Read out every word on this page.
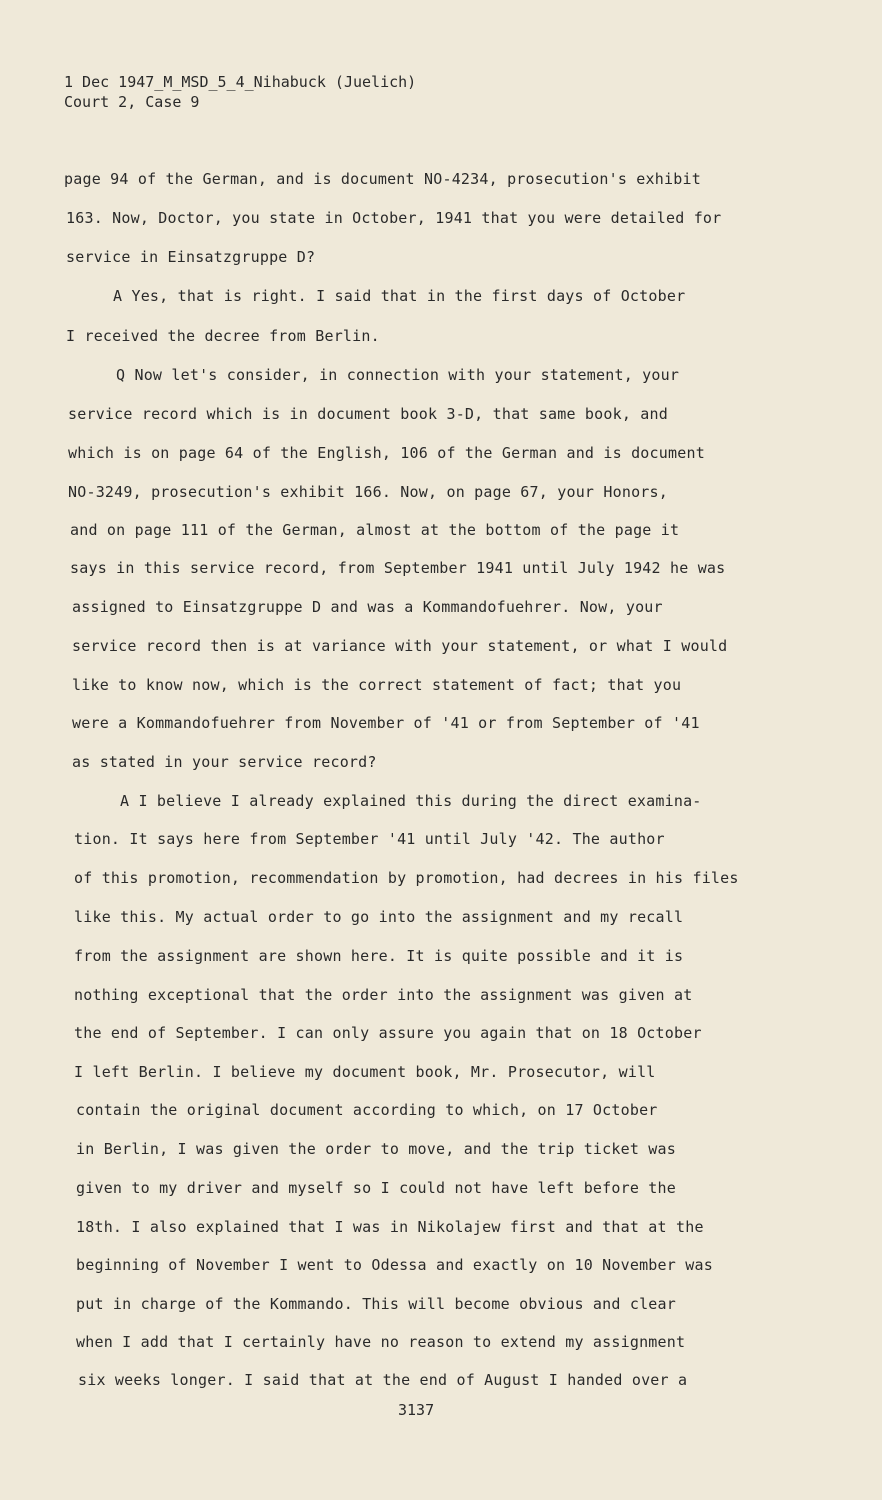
1 Dec 1947_M_MSD_5_4_Nihabuck (Juelich)
Court 2, Case 9
page 94 of the German, and is document NO-4234, prosecution's exhibit
163. Now, Doctor, you state in October, 1941 that you were detailed for
service in Einsatzgruppe D?
A Yes, that is right. I said that in the first days of October
I received the decree from Berlin.
Q Now let's consider, in connection with your statement, your
service record which is in document book 3-D, that same book, and
which is on page 64 of the English, 106 of the German and is document
NO-3249, prosecution's exhibit 166. Now, on page 67, your Honors,
and on page 111 of the German, almost at the bottom of the page it
says in this service record, from September 1941 until July 1942 he was
assigned to Einsatzgruppe D and was a Kommandofuehrer. Now, your
service record then is at variance with your statement, or what I would
like to know now, which is the correct statement of fact; that you
were a Kommandofuehrer from November of '41 or from September of '41
as stated in your service record?
A I believe I already explained this during the direct examina-
tion. It says here from September '41 until July '42. The author
of this promotion, recommendation by promotion, had decrees in his files
like this. My actual order to go into the assignment and my recall
from the assignment are shown here. It is quite possible and it is
nothing exceptional that the order into the assignment was given at
the end of September. I can only assure you again that on 18 October
I left Berlin. I believe my document book, Mr. Prosecutor, will
contain the original document according to which, on 17 October
in Berlin, I was given the order to move, and the trip ticket was
given to my driver and myself so I could not have left before the
18th. I also explained that I was in Nikolajew first and that at the
beginning of November I went to Odessa and exactly on 10 November was
put in charge of the Kommando. This will become obvious and clear
when I add that I certainly have no reason to extend my assignment
six weeks longer. I said that at the end of August I handed over a
3137
